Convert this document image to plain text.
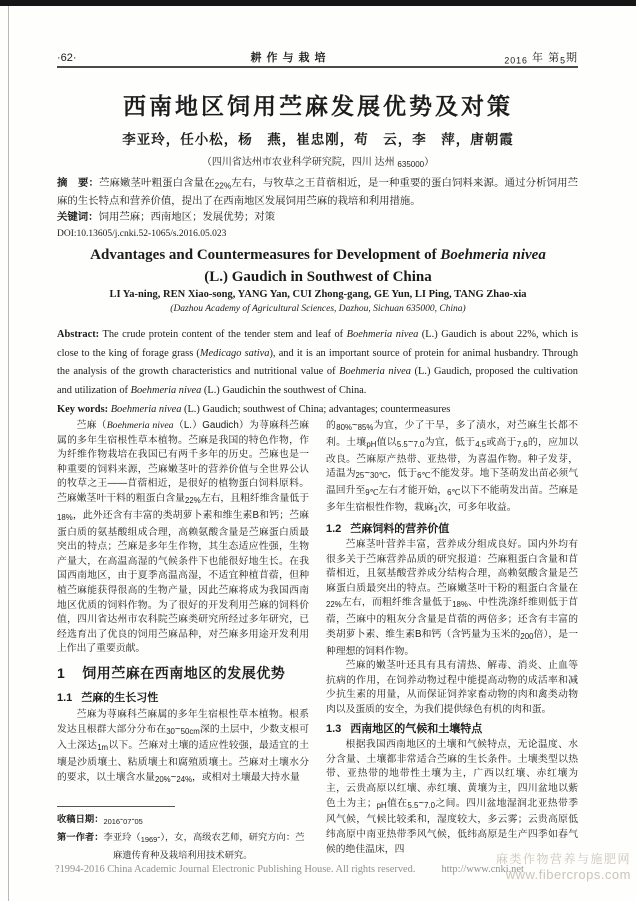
·62·	耕作与栽培	$_{2016}$ 年 第$_5$期
西南地区饲用苎麻发展优势及对策
李亚玲，任小松，杨　燕，崔忠刚，苟　云，李　萍，唐朝霞
（四川省达州市农业科学研究院，四川 达州 $_{635000}$）

摘　要：苎麻嫩茎叶粗蛋白含量在$_{22\%}$左右，与牧草之王苜蓿相近，是一种重要的蛋白饲料来源。通过分析饲用苎麻的生长特点和营养价值，提出了在西南地区发展饲用苎麻的栽培和利用措施。

关键词：饲用苎麻；西南地区；发展优势；对策

DOI:10.13605/j.cnki.52-1065/s.2016.05.023
Advantages and Countermeasures for Development of Boehmeria nivea (L.) Gaudich in Southwest of China
LI Ya-ning, REN Xiao-song, YANG Yan, CUI Zhong-gang, GE Yun, LI Ping, TANG Zhao-xia
(Dazhou Academy of Agricultural Sciences, Dazhou, Sichuan 635000, China)

Abstract: The crude protein content of the tender stem and leaf of Boehmeria nivea (L.) Gaudich is about 22%, which is close to the king of forage grass (Medicago sativa), and it is an important source of protein for animal husbandry. Through the analysis of the growth characteristics and nutritional value of Boehmeria nivea (L.) Gaudich, proposed the cultivation and utilization of Boehmeria nivea (L.) Gaudichin the southwest of China.

Key words: Boehmeria nivea (L.) Gaudich; southwest of China; advantages; countermeasures

苎麻（Boehmeria nivea（L.）Gaudich）为荨麻科苎麻属的多年生宿根性草本植物。苎麻是我国的特色作物，作为纤维作物栽培在我国已有两千多年的历史。苎麻也是一种重要的饲料来源，苎麻嫩茎叶的营养价值与全世界公认的牧草之王——苜蓿相近，是很好的植物蛋白饲料原料。苎麻嫩茎叶干料的粗蛋白含量$_{22\%}$左右，且粗纤维含量低于$_{18\%}$，此外还含有丰富的类胡萝卜素和维生素B和钙；苎麻蛋白质的氨基酸组成合理，高赖氨酸含量是苎麻蛋白质最突出的特点；苎麻是多年生作物，其生态适应性强，生物产量大，在高温高湿的气候条件下也能很好地生长。在我国西南地区，由于夏季高温高湿，不适宜种植苜蓿，但种植苎麻能获得很高的生物产量，因此苎麻将成为我国西南地区优质的饲料作物。为了很好的开发利用苎麻的饲料价值，四川省达州市农科院苎麻类研究所经过多年研究，已经选育出了优良的饲用苎麻品种，对苎麻多用途开发利用上作出了重要贡献。

1 饲用苎麻在西南地区的发展优势
1.1 苎麻的生长习性

苎麻为荨麻科苎麻属的多年生宿根性草本植物。根系发达且根群大部分分布在$_{30}\sim_{50cm}$深的土层中，少数支根可入土深达$_{1m}$以下。苎麻对土壤的适应性较强，最适宜的土壤是沙质壤土、粘质壤土和腐殖质壤土。苎麻对土壤水分的要求，以土壤含水量$_{20\%}\sim_{24\%}$，或相对土壤最大持水量

收稿日期：$_{2016}-_{07}-_{05}$

第一作者：李亚玲$(_{1969}-)$，女，高级农艺师，研究方向：苎麻遗传育种及栽培利用技术研究。

的$_{80\%}\sim_{85\%}$为宜，少了干旱，多了渍水，对苎麻生长都不利。土壤$_{pH}$值以$_{5.5}\sim_{7.0}$为宜，低于$_{4.5}$或高于$_{7.6}$的，应加以改良。苎麻原产热带、亚热带，为喜温作物。种子发芽，适温为$_{25}\sim_{30℃}$，低于$_{6℃}$不能发芽。地下茎萌发出苗必须气温回升至$_{9℃}$左右才能开始，$_{6℃}$以下不能萌发出苗。苎麻是多年生宿根性作物，栽麻$_1$次，可多年收益。

1.2 苎麻饲料的营养价值

苎麻茎叶营养丰富，营养成分组成良好。国内外均有很多关于苎麻营养品质的研究报道：苎麻粗蛋白含量和苜蓿相近，且氨基酸营养成分结构合理，高赖氨酸含量是苎麻蛋白质最突出的特点。苎麻嫩茎叶干粉的粗蛋白含量在$_{22\%}$左右，而粗纤维含量低于$_{18\%}$、中性洗涤纤维则低于苜蓿，苎麻中的粗灰分含量是苜蓿的两倍多；还含有丰富的类胡萝卜素、维生素B和钙（含钙量为玉米的$_{200}$倍），是一种理想的饲料作物。

苎麻的嫩茎叶还具有具有清热、解毒、消炎、止血等抗病的作用，在饲养动物过程中能提高动物的成活率和减少抗生素的用量，从而保证饲养家畜动物的肉和禽类动物肉以及蛋质的安全，为我们提供绿色有机的肉和蛋。

1.3 西南地区的气候和土壤特点

根据我国西南地区的土壤和气候特点，无论温度、水分含量、土壤都非常适合苎麻的生长条件。土壤类型以热带、亚热带的地带性土壤为主，广西以红壤、赤红壤为主，云贵高原以红壤、赤红壤、黄壤为主，四川盆地以紫色土为主；$_{pH}$值在$_{5.5}\sim_{7.0}$之间。四川盆地湿润北亚热带季风气候，气候比较柔和，湿度较大，多云雾；云贵高原低纬高原中南亚热带季风气候，低纬高原是生产四季如春气候的绝佳温床，四

?1994-2016 China Academic Journal Electronic Publishing House. All rights reserved.	http://www.cnki.net
麻类作物营养与施肥网
www.fibercrops.com
